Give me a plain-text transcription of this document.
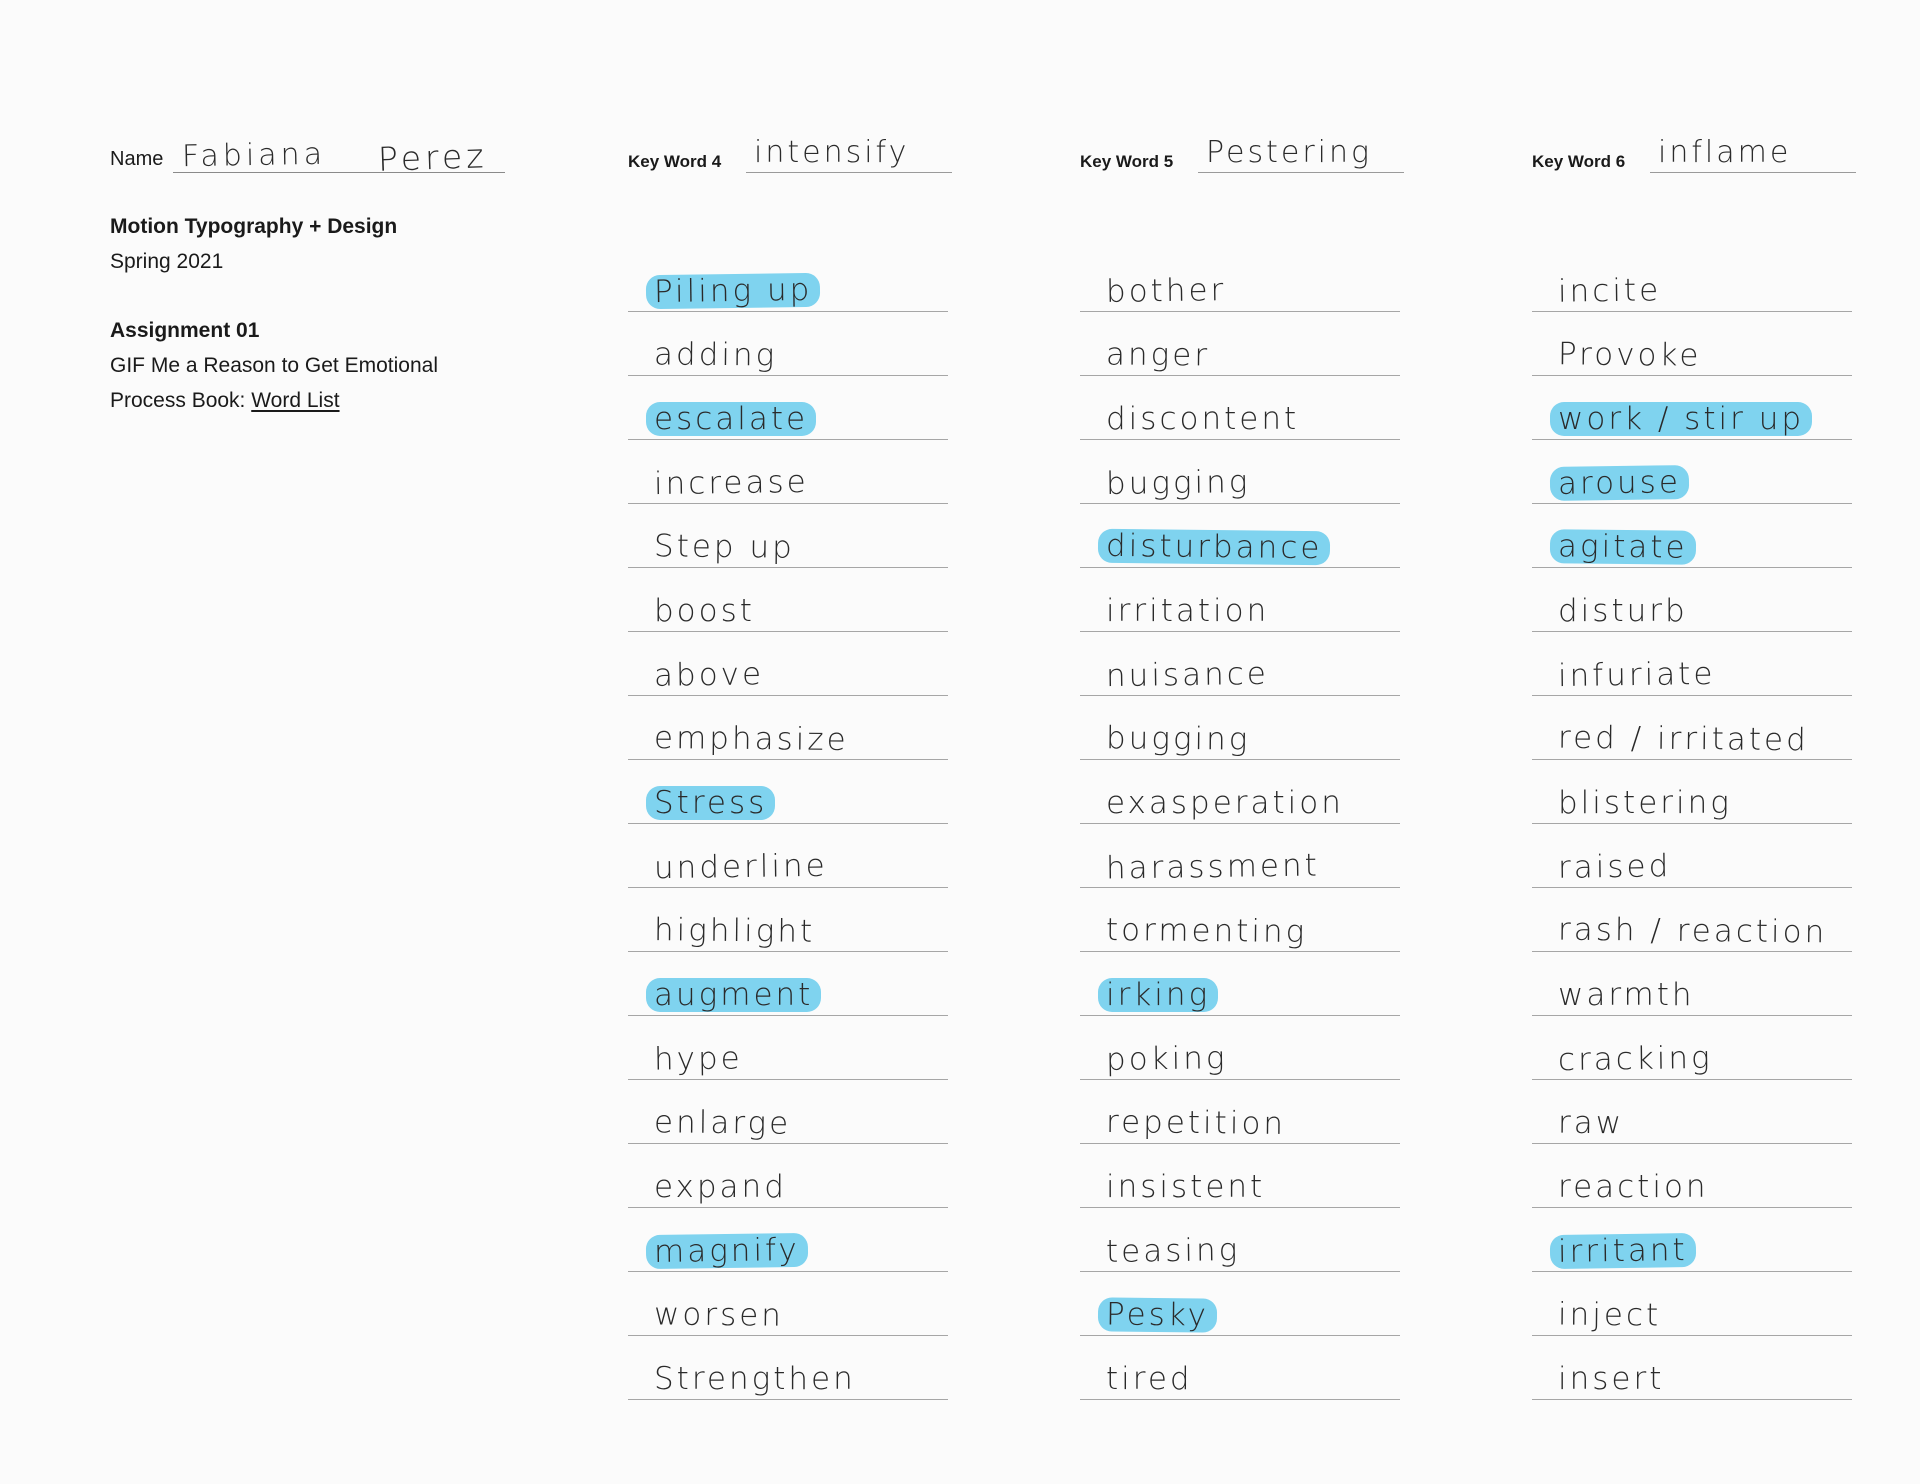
Name Fabiana Perez
Motion Typography + Design
Spring 2021
Assignment 01
GIF Me a Reason to Get Emotional
Process Book: Word List
Key Word 4 intensify
Piling up
adding
escalate
increase
Step up
boost
above
emphasize
Stress
underline
highlight
augment
hype
enlarge
expand
magnify
worsen
Strengthen
Key Word 5 Pestering
bother
anger
discontent
bugging
disturbance
irritation
nuisance
bugging
exasperation
harassment
tormenting
irking
poking
repetition
insistent
teasing
Pesky
tired
Key Word 6 inflame
incite
Provoke
work / stir up
arouse
agitate
disturb
infuriate
red / irritated
blistering
raised
rash / reaction
warmth
cracking
raw
reaction
irritant
inject
insert
